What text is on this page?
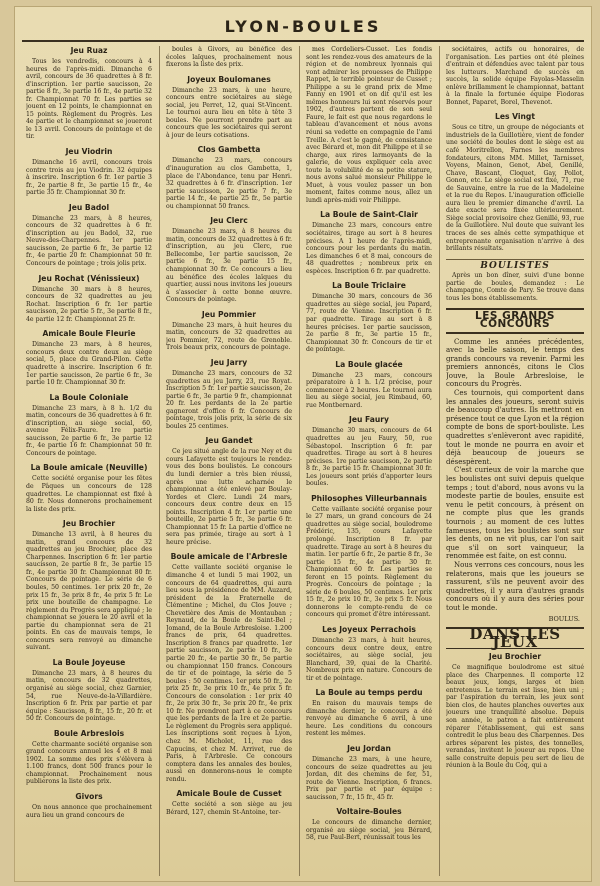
LYON-BOULES
Jeu Ruaz

Tous les vendredis, concours à 4 heures de l'après-midi. Dimanche 6 avril, concours de 36 quadrettes à 8 fr. d'inscription. 1er partie saucisson, 2e partie 8 fr., 3e partie 16 fr., 4e partie 32 fr. Championnat 70 fr. Les parties se jouent en 12 points, le championnat en 15 points. Règlement du Progrès. Les 4e partie et le championnat se joueront le 13 avril. Concours de pointage et de tir.

Jeu Viodrin

Dimanche 16 avril, concours trois contre trois au jeu Viodrin. 32 équipes à inscrire. Inscription 6 fr. 1er partie 3 fr., 2e partie 8 fr., 3e partie 15 fr., 4e partie 35 fr. Championnat 30 fr.

Jeu Badol

Dimanche 23 mars, à 8 heures, concours de 32 quadrettes à 6 fr. d'inscription au jeu Badol, 32, rue Neuve-des-Charpennes. 1er partie saucisson, 2e partie 6 fr., 3e partie 12 fr., 4e partie 20 fr. Championnat 50 fr. Concours de pointage ; trois jolis prix.

Jeu Rochat (Vénissieux)

Dimanche 30 mars à 8 heures, concours de 32 quadrettes au jeu Rochat. Inscription 6 fr. 1er partie saucisson, 2e partie 5 fr., 3e partie 8 fr., 4e partie 12 fr. Championnat 25 fr.

Amicale Boule Fleurie

Dimanche 23 mars, à 8 heures, concours deux contre deux au siège social, 5, place du Grand-Pilon. Cette quadrette à inscrire. Inscription 6 fr. 1er partie saucisson, 2e partie 6 fr., 3e partie 10 fr. Championnat 30 fr.

La Boule Coloniale

Dimanche 23 mars, à 8 h. 1/2 du matin, concours de 36 quadrettes à 6 fr. d'inscription, au siège social, 60, avenue Félix-Faure. 1re partie saucisson, 2e partie 6 fr., 3e partie 12 fr., 4e partie 16 fr. Championnat 50 fr. Concours de pointage.

La Boule amicale (Neuville)

Cette société organise pour les fêtes de Pâques un concours de 128 quadrettes. Le championnat est fixé à 80 fr. Nous donnerons prochainement la liste des prix.

Jeu Brochier

Dimanche 13 avril, à 8 heures du matin, grand concours de 32 quadrettes au jeu Brochier, place des Charpennes. Inscription 6 fr. 1er partie saucisson, 2e partie 8 fr., 3e partie 15 fr., 4e partie 30 fr. Championnat 80 fr. Concours de pointage. Le série de 6 boules, 50 centimes. 1er prix 20 fr., 2e prix 15 fr., 3e prix 8 fr., 4e prix 5 fr. Le prix une bouteille de champagne. Le règlement du Progrès sera appliqué ; le championnat se jouera le 20 avril et la partie du championnat sera de 21 points. En cas de mauvais temps, le concours sera renvoyé au dimanche suivant.

La Boule Joyeuse

Dimanche 23 mars, à 8 heures du matin, concours de 32 quadrettes, organisé au siège social, chez Garnier, 54, rue Neuve-de-la-Villardière. Inscription 6 fr. Prix par partie et par équipe : Saucisson, 8 fr., 15 fr., 20 fr. et 50 fr. Concours de pointage.

Boule Arbreslois

Cette charmante société organise son grand concours annuel les 4 et 8 mai 1902. La somme des prix s'élèvera à 1.100 francs, dont 500 francs pour le championnat. Prochainement nous publierons la liste des prix.

Givors

On nous annonce que prochainement aura lieu un grand concours de

boules à Givors, au bénéfice des écoles laïques, prochainement nous fixerons la liste des prix.

Joyeux Boulomanes

Dimanche 23 mars, à une heure, concours entre sociétaires au siège social, jeu Perret, 12, quai St-Vincent. Le tournoi aura lieu en tête à tête 3 boules. Ne pourront prendre part au concours que les sociétaires qui seront à jour de leurs cotisations.

Clos Gambetta

Dimanche 23 mars, concours d'inauguration au clos Gambetta, 1, place de l'Abondance, tenu par Henri. 32 quadrettes à 6 fr. d'inscription. 1er partie saucisson, 2e partie 7 fr., 3e partie 14 fr., 4e partie 25 fr., 5e partie ou championnat 50 francs.

Jeu Clerc

Dimanche 23 mars, à 8 heures du matin, concours de 32 quadrettes à 6 fr. d'inscription, au jeu Clerc, rue Bellecombe, 1er partie saucisson, 2e partie 6 fr., 3e partie 15 fr., championnat 30 fr. Ce concours a lieu au bénéfice des écoles laïques du quartier, aussi nous invitons les joueurs à s'associer à cette bonne œuvre. Concours de pointage.

Jeu Pommier

Dimanche 23 mars, à huit heures du matin, concours de 32 quadrettes au jeu Pommier, 72, route de Grenoble. Trois beaux prix, concours de pointage.

Jeu Jarry

Dimanche 23 mars, concours de 32 quadrettes au jeu Jarry, 23, rue Royat. Inscription 5 fr. 1er partie saucisson, 2e partie 6 fr., 3e partie 9 fr., championnat 20 fr. Les perdants de la 2e partie gagneront d'office 6 fr. Concours de pointage, trois jolis prix, la série de six boules 25 centimes.

Jeu Gandet

Ce jeu situé angle de la rue Ney et du cours Lafayette est toujours le rendez-vous des bons boulistes. Le concours du lundi dernier a très bien réussi, après une lutte acharnée le championnat a été enlevé par Boulay-Yordes et Clerc. Lundi 24 mars, concours deux contre deux en 15 points. Inscription 4 fr. 1er partie une bouteille, 2e partie 5 fr., 3e partie 6 fr. Championnat 15 fr. La partie d'office ne sera pas primée, tirage au sort à 1 heure précise.

Boule amicale de l'Arbresle

Cette vaillante société organise le dimanche 4 et lundi 5 mai 1902, un concours de 64 quadrettes, qui aura lieu sous la présidence de MM. Auzard, président de la Fraternelle de Clémentine ; Michel, du Clos Jouve ; Chevetière des Amis de Montauban ; Reynaud, de la Boule de Saint-Bel ; Jomand, de la Boule Arbresloise. 1.200 francs de prix, 64 quadrettes. Inscription 8 francs par quadrette. 1er partie saucisson, 2e partie 10 fr., 3e partie 20 fr., 4e partie 30 fr., 5e partie ou championnat 150 francs. Concours de tir et de pointage, la série de 5 boules : 50 centimes. 1er prix 50 fr., 2e prix 25 fr., 3e prix 10 fr., 4e prix 5 fr. Concours de consolation : 1er prix 40 fr., 2e prix 30 fr., 3e prix 20 fr., 4e prix 10 fr. Ne prendront part à ce concours que les perdants de la 1re et 2e partie. Le règlement du Progrès sera appliqué. Les inscriptions sont reçues à Lyon, chez M. Micholet, 11, rue des Capucins, et chez M. Arrivet, rue de Paris, à l'Arbresle. Ce concours comptera dans les annales des boules, aussi en donnerons-nous le compte rendu.

Amicale Boule de Cusset

Cette société a son siège au jeu Bérard, 127, chemin St-Antoine, ter-

mes Cordeliers-Cusset. Les fondis sont les rendez-vous des amateurs de la région et de nombreux lyonnais qui vont admirer les prouesses de Philippe Rappet, le terrible pointeur de Cusset ; Philippe a su le grand prix de Mme Fanny en 1901 et on dit qu'il est les mêmes honneurs lui sont réservés pour 1902, d'autres partent de son seul Faure, le fait est que nous regardons le tableau d'avancement et nous avons réuni sa vedette en compagnie de l'ami Treille. A c'est le gagné, de consistance avec Bérard et, mon dit Philippe et il se charge, aux rires larmoyants de la galerie, de vous expliquer cela avec toute la volubilité de sa petite stature, nous avons salué monsieur Philippe le Muet, à vous voulez passer un bon moment, faites comme nous, allez un lundi après-midi voir Philippe.

La Boule de Saint-Clair

Dimanche 23 mars, concours entre sociétaires, tirage au sort à 8 heures précises. A 1 heure de l'après-midi, concours pour les perdants du matin. Les dimanches 6 et 8 mai, concours de 48 quadrettes ; nombreux prix en espèces. Inscription 6 fr. par quadrette.

La Boule Triclaire

Dimanche 30 mars, concours de 36 quadrettes au siège social, jeu Papard, 77, route de Vienne. Inscription 6 fr. par quadrette. Tirage au sort à 8 heures précises. 1er partie saucisson, 2e partie 8 fr., 3e partie 15 fr., Championnat 30 fr. Concours de tir et de pointage.

La Boule glacée

Dimanche 23 mars, concours préparatoire à 1 h. 1/2 précise, pour commencer à 2 heures. Le tournoi aura lieu au siège social, jeu Rimbaud, 60, rue Montbernard.

Jeu Faury

Dimanche 30 mars, concours de 64 quadrettes au jeu Faury, 50, rue Sébastopol. Inscription 6 fr. par quadrettes. Tirage au sort à 8 heures précises. 1re partie saucisson, 2e partie 8 fr., 3e partie 15 fr. Championnat 30 fr. Les joueurs sont priés d'apporter leurs boules.

Philosophes Villeurbannais

Cette vaillante société organise pour le 27 mars, un grand concours de 24 quadrettes au siège social, boulodrome Frédéric, 135, cours Lafayette prolongé. Inscription 8 fr. par quadrette. Tirage au sort à 8 heures du matin. 1er partie 6 fr., 2e partie 8 fr., 3e partie 15 fr., 4e partie 30 fr. Championnat 60 fr. Les parties se feront en 15 points. Règlement du Progrès. Concours de pointage ; la série de 6 boules, 50 centimes. 1er prix 15 fr., 2e prix 10 fr., 3e prix 5 fr. Nous donnerons le compte-rendu de ce concours qui promet d'être intéressant.

Les Joyeux Perrachois

Dimanche 23 mars, à huit heures, concours deux contre deux, entre sociétaires, au siège social, jeu Blanchard, 39, quai de la Charité. Nombreux prix en nature. Concours de tir et de pointage.

La Boule au temps perdu

En raison du mauvais temps de dimanche dernier, le concours a été renvoyé au dimanche 6 avril, à une heure. Les conditions du concours restent les mêmes.

Jeu Jordan

Dimanche 23 mars, à une heure, concours de seize quadrettes au jeu Jordan, dit des chemins de fer, 51, route de Vienne. Inscription, 6 francs. Prix par partie et par équipe : saucisson, 7 fr., 15 fr., 45 fr.

Voltaire-Boules

Le concours de dimanche dernier, organisé au siège social, jeu Bérard, 58, rue Paul-Bert, réunissait tous les

sociétaires, actifs ou honoraires, de l'organisation. Les parties ont été pleines d'entrain et défendues avec talent par tous les lutteurs. Marchand de succès en succès, la solide équipe Fayolas-Masselin enlève brillamment le championnat, battant à la finale la fortunée équipe Fiodoras Bonnet, Paparet, Borel, Thevenot.

Les Vingt

Sous ce titre, un groupe de négociants et industriels de la Guillotière, vient de fonder une société de boules dont le siège est au café Moritrellon, Farnes les membres fondateurs, citons MM. Millet, Tarnisset, Voyens, Mainon, Genot, Abel, Genillé, Chave, Bascant, Cloquet, Gay, Pollot, Gonon, etc. Le siège social est fixé, 71, rue de Sauvaine, entre la rue de la Madeleine et la rue du Repos. L'inauguration officielle aura lieu le premier dimanche d'avril. La date exacte sera fixée ultérieurement. Siège social provisoire chez Genillé, 93, rue de la Guillotière. Nul doute que suivant les traces de ses aînés cette sympathique et entreprenante organisation n'arrive à des brillants résultats.

BOULISTES

Après un bon dîner, suivi d'une bonne partie de boules, demandez : Le champagne, Comte de Pary. Se trouve dans tous les bons établissements.

LES GRANDS CONCOURS

Comme les années précédentes, avec la belle saison, le temps des grands concours va revenir. Parmi les premiers annoncés, citons le Clos Jouve, la Boule Arbresloise, le concours du Progrès.

Ces tournois, qui comportent dans les annales des joueurs, seront suivis de beaucoup d'autres. Ils mettront en présence tout ce que Lyon et la région compte de bons de sport-bouliste. Les quadrettes s'enlèveront avec rapidité, tout le monde ne pourra en avoir et déjà beaucoup de joueurs se désespèrent.

C'est curieux de voir la marche que les boulistes ont suivi depuis quelque temps ; tout d'abord, nous avons vu la modeste partie de boules, ensuite est venu le petit concours, à présent on ne compte plus que les grands tournois ; au moment de ces luttes fameuses, tous les boulistes sont sur les dents, on ne vit plus, car l'on sait que s'il on sort vainqueur, la renommée est faite, on est connu.

Nous verrons ces concours, nous les relaterons, mais que les joueurs se rassurent, s'ils ne peuvent avoir des quadrettes, il y aura d'autres grands concours où il y aura des séries pour tout le monde.

BOULUS.
DANS LES JEUX
Jeu Brochier

Ce magnifique boulodrome est situé place des Charpennes. Il comporte 12 beaux jeux, longs, larges et bien entretenus. Le terrain est lisse, bien uni ; par l'aspiration du terrain, les jeux sont bien clos, de hautes planches ouvertes aux joueurs une tranquillité absolue. Depuis son année, le patron a fait entièrement réparer l'établissement, qui est sans contredit le plus beau des Charpennes. Des arbres séparent les pistes, des tonnelles, verandas, invitent le joueur au repos. Une salle construite depuis peu sert de lieu de réunion à la Boule du Coq, qui a
